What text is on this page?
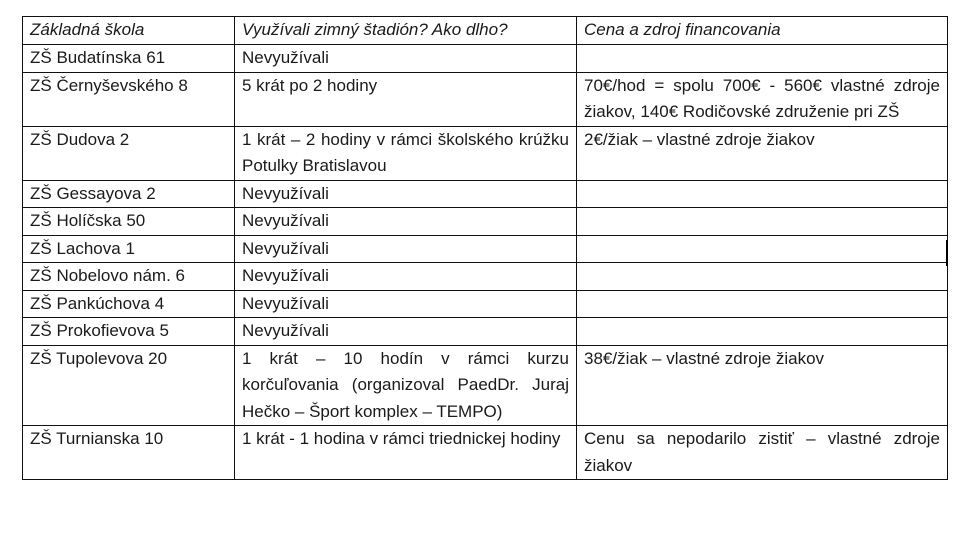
Základná škola	Využívali zimný štadión? Ako dlho?	Cena a zdroj financovania
ZŠ Budatínska 61	Nevyužívali	
ZŠ Černyševského 8	5 krát po 2 hodiny	70€/hod = spolu 700€ - 560€ vlastné zdroje žiakov, 140€ Rodičovské združenie pri ZŠ
ZŠ Dudova 2	1 krát – 2 hodiny v rámci školského krúžku Potulky Bratislavou	2€/žiak – vlastné zdroje žiakov
ZŠ Gessayova 2	Nevyužívali	
ZŠ Holíčska 50	Nevyužívali	
ZŠ Lachova 1	Nevyužívali	
ZŠ Nobelovo nám. 6	Nevyužívali	
ZŠ Pankúchova 4	Nevyužívali	
ZŠ Prokofievova 5	Nevyužívali	
ZŠ Tupolevova 20	1 krát – 10 hodín v rámci kurzu korčuľovania (organizoval PaedDr. Juraj Hečko – Šport komplex – TEMPO)	38€/žiak – vlastné zdroje žiakov
ZŠ Turnianska 10	1 krát - 1 hodina v rámci triednickej hodiny	Cenu sa nepodarilo zistiť – vlastné zdroje žiakov
